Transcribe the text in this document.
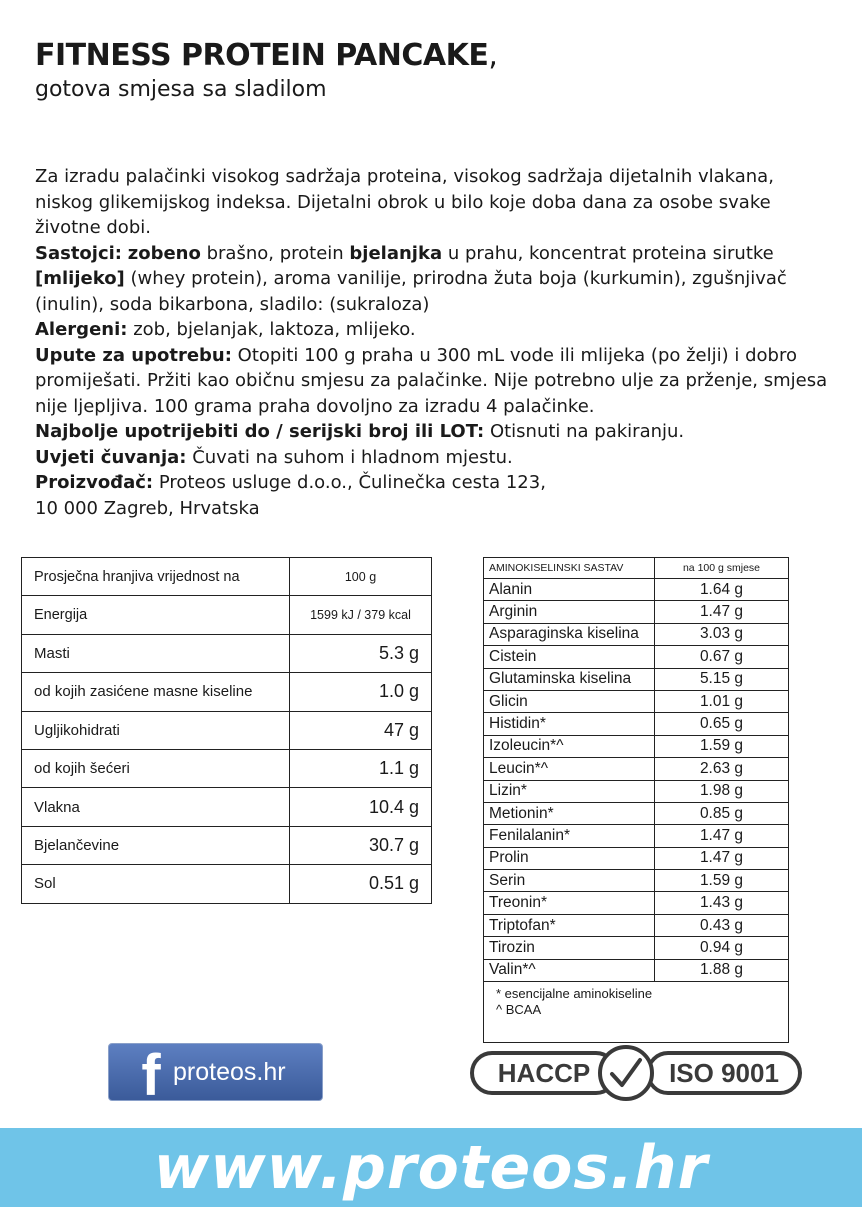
FITNESS PROTEIN PANCAKE,
gotova smjesa sa sladilom

Za izradu palačinki visokog sadržaja proteina, visokog sadržaja dijetalnih vlakana, niskog glikemijskog indeksa. Dijetalni obrok u bilo koje doba dana za osobe svake životne dobi.

Sastojci: zobeno brašno, protein bjelanjka u prahu, koncentrat proteina sirutke [mlijeko] (whey protein), aroma vanilije, prirodna žuta boja (kurkumin), zgušnjivač (inulin), soda bikarbona, sladilo: (sukraloza)

Alergeni: zob, bjelanjak, laktoza, mlijeko.

Upute za upotrebu: Otopiti 100 g praha u 300 mL vode ili mlijeka (po želji) i dobro promiješati. Pržiti kao običnu smjesu za palačinke. Nije potrebno ulje za prženje, smjesa nije ljepljiva. 100 grama praha dovoljno za izradu 4 palačinke.

Najbolje upotrijebiti do / serijski broj ili LOT: Otisnuti na pakiranju.

Uvjeti čuvanja: Čuvati na suhom i hladnom mjestu.

Proizvođač: Proteos usluge d.o.o., Čulinečka cesta 123,

10 000 Zagreb, Hrvatska

Prosječna hranjiva vrijednost na	100 g
Energija	1599 kJ / 379 kcal
Masti	5.3 g
od kojih zasićene masne kiseline	1.0 g
Ugljikohidrati	47 g
od kojih šećeri	1.1 g
Vlakna	10.4 g
Bjelančevine	30.7 g
Sol	0.51 g
AMINOKISELINSKI SASTAV	na 100 g smjese
Alanin	1.64 g
Arginin	1.47 g
Asparaginska kiselina	3.03 g
Cistein	0.67 g
Glutaminska kiselina	5.15 g
Glicin	1.01 g
Histidin*	0.65 g
Izoleucin*^	1.59 g
Leucin*^	2.63 g
Lizin*	1.98 g
Metionin*	0.85 g
Fenilalanin*	1.47 g
Prolin	1.47 g
Serin	1.59 g
Treonin*	1.43 g
Triptofan*	0.43 g
Tirozin	0.94 g
Valin*^	1.88 g

* esencijalne aminokiseline
^ BCAA	
f proteos.hr	HACCP	ISO 9001
www.proteos.hr
